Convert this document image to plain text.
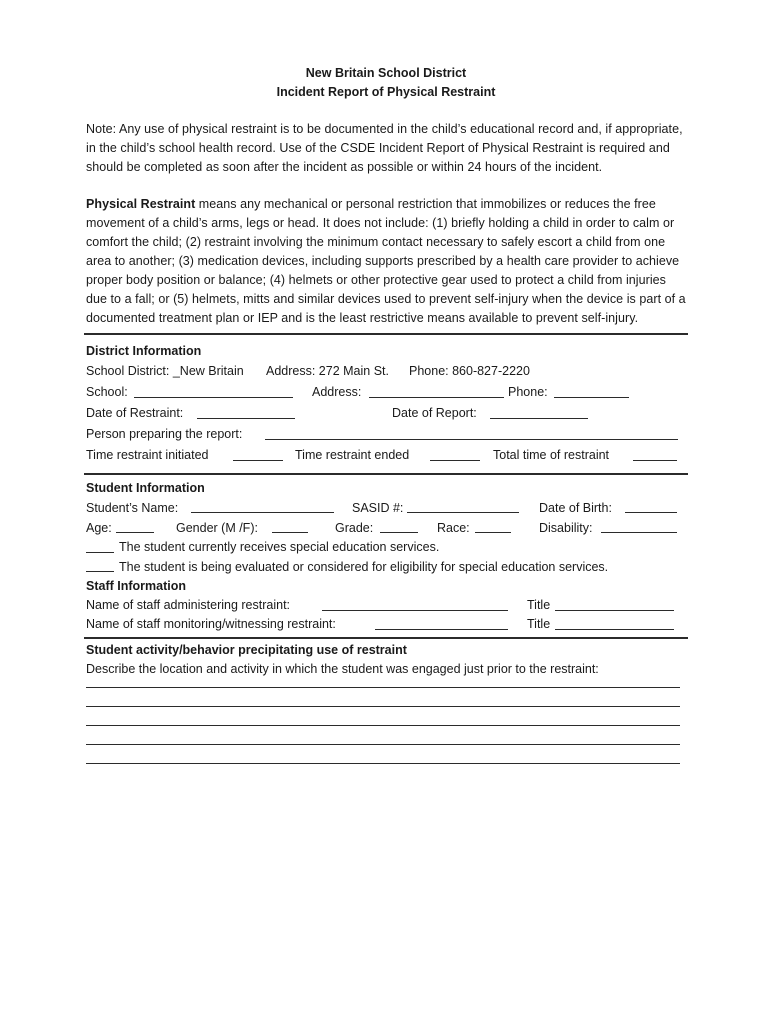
New Britain School District
Incident Report of Physical Restraint
Note: Any use of physical restraint is to be documented in the child’s educational record and, if appropriate, in the child’s school health record. Use of the CSDE Incident Report of Physical Restraint is required and should be completed as soon after the incident as possible or within 24 hours of the incident.
Physical Restraint means any mechanical or personal restriction that immobilizes or reduces the free movement of a child’s arms, legs or head. It does not include: (1) briefly holding a child in order to calm or comfort the child; (2) restraint involving the minimum contact necessary to safely escort a child from one area to another; (3) medication devices, including supports prescribed by a health care provider to achieve proper body position or balance; (4) helmets or other protective gear used to protect a child from injuries due to a fall; or (5) helmets, mitts and similar devices used to prevent self-injury when the device is part of a documented treatment plan or IEP and is the least restrictive means available to prevent self-injury.
District Information
School District: _New Britain Address: 272 Main St. Phone: 860-827-2220
School:	Address:	Phone:
Date of Restraint:	Date of Report:
Person preparing the report:
Time restraint initiated	Time restraint ended	Total time of restraint
Student Information
Student’s Name:	SASID #:	Date of Birth:
Age:	Gender (M /F):	Grade:	Race:	Disability:
The student currently receives special education services.
The student is being evaluated or considered for eligibility for special education services.
Staff Information
Name of staff administering restraint:	Title
Name of staff monitoring/witnessing restraint:	Title
Student activity/behavior precipitating use of restraint
Describe the location and activity in which the student was engaged just prior to the restraint:
